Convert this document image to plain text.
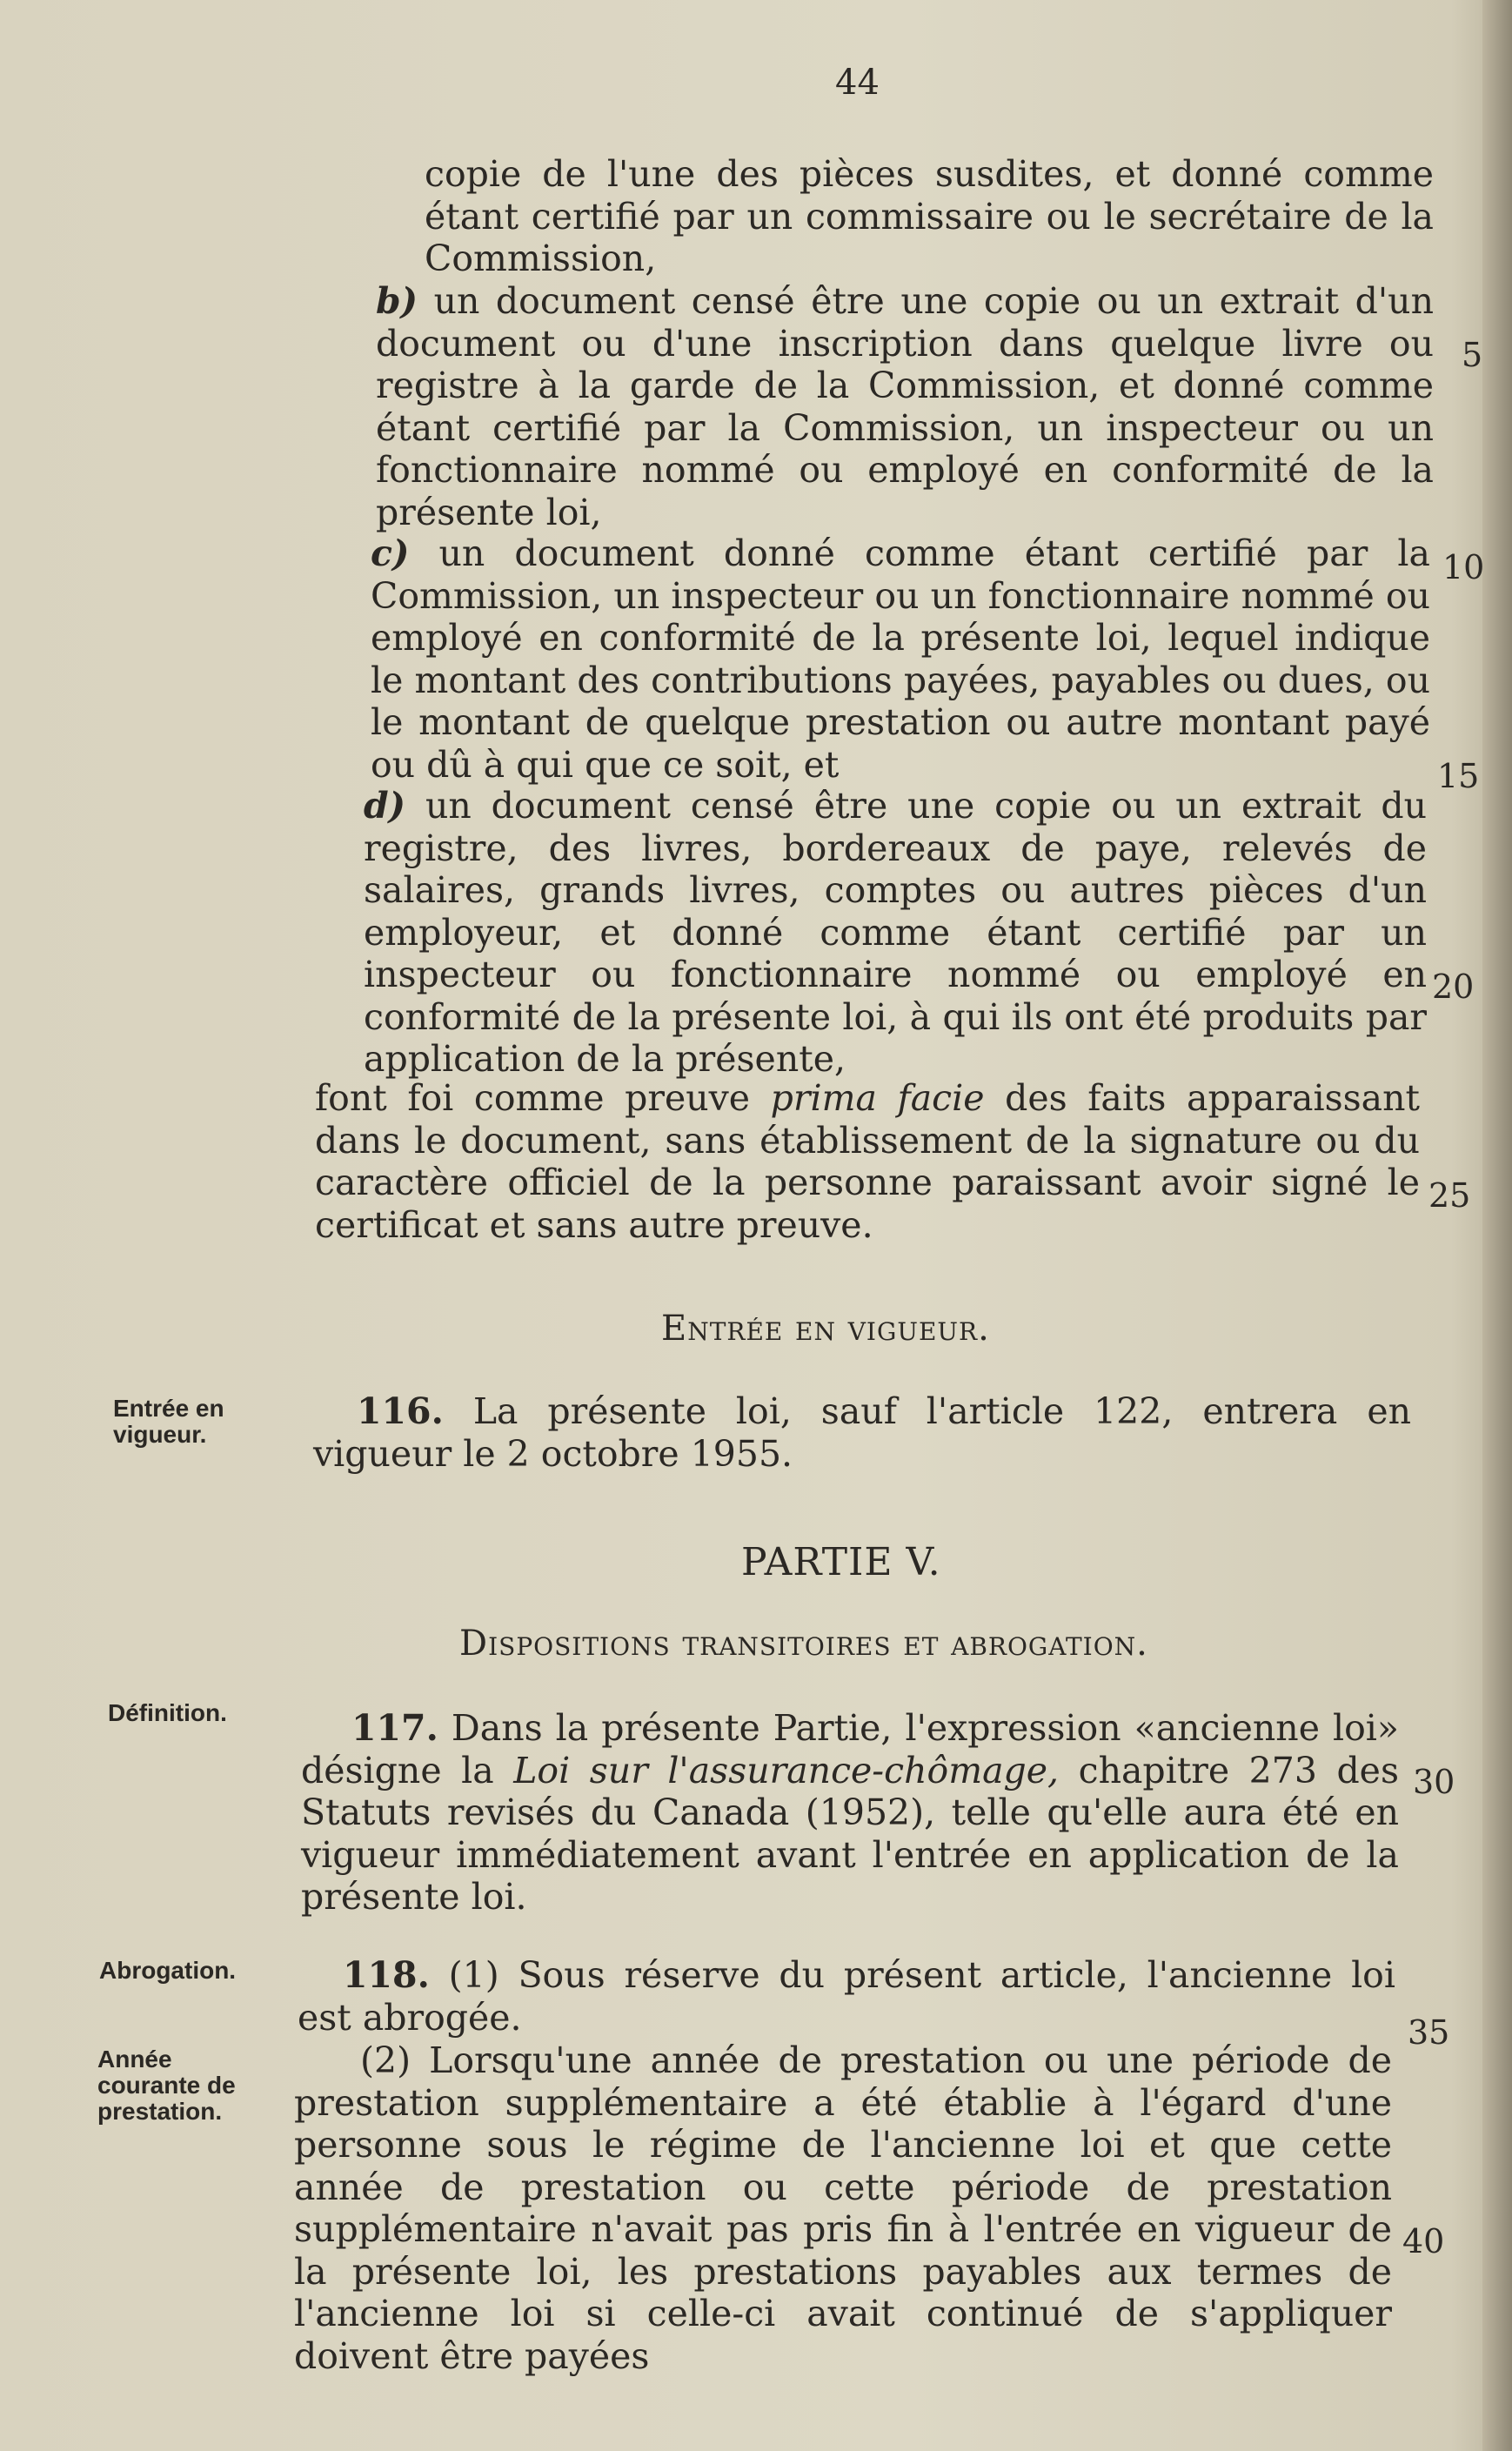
44

copie de l'une des pièces susdites, et donné comme étant certifié par un commissaire ou le secrétaire de la Commission,

b) un document censé être une copie ou un extrait d'un document ou d'une inscription dans quelque livre ou registre à la garde de la Commission, et donné comme étant certifié par la Commission, un inspecteur ou un fonctionnaire nommé ou employé en conformité de la présente loi,

c) un document donné comme étant certifié par la Commission, un inspecteur ou un fonctionnaire nommé ou employé en conformité de la présente loi, lequel indique le montant des contributions payées, payables ou dues, ou le montant de quelque prestation ou autre montant payé ou dû à qui que ce soit, et

d) un document censé être une copie ou un extrait du registre, des livres, bordereaux de paye, relevés de salaires, grands livres, comptes ou autres pièces d'un employeur, et donné comme étant certifié par un inspecteur ou fonctionnaire nommé ou employé en conformité de la présente loi, à qui ils ont été produits par application de la présente,

font foi comme preuve prima facie des faits apparaissant dans le document, sans établissement de la signature ou du caractère officiel de la personne paraissant avoir signé le certificat et sans autre preuve.

Entrée en vigueur.
Entrée en vigueur.

116. La présente loi, sauf l'article 122, entrera en vigueur le 2 octobre 1955.

PARTIE V.
Dispositions transitoires et abrogation.
Définition.	117. Dans la présente Partie, l'expression «ancienne loi» désigne la Loi sur l'assurance-chômage, chapitre 273 des Statuts revisés du Canada (1952), telle qu'elle aura été en vigueur immédiatement avant l'entrée en application de la présente loi.

Abrogation.	118. (1) Sous réserve du présent article, l'ancienne loi est abrogée.

Année courante de prestation.

(2) Lorsqu'une année de prestation ou une période de prestation supplémentaire a été établie à l'égard d'une personne sous le régime de l'ancienne loi et que cette année de prestation ou cette période de prestation supplémentaire n'avait pas pris fin à l'entrée en vigueur de la présente loi, les prestations payables aux termes de l'ancienne loi si celle-ci avait continué de s'appliquer doivent être payées

5
10
15
20
25
30
35
40
